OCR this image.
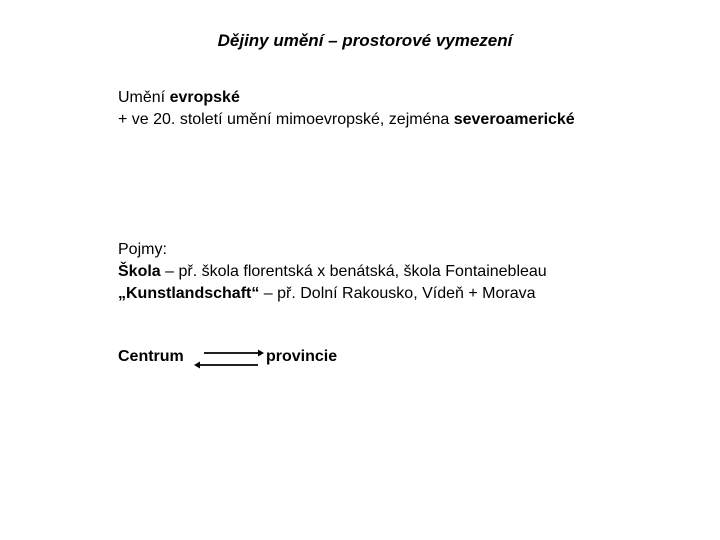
Dějiny umění – prostorové vymezení
Umění evropské
+ ve 20. století umění mimoevropské, zejména severoamerické
Pojmy:
Škola – př. škola florentská x benátská, škola Fontainebleau
„Kunstlandschaft“ – př. Dolní Rakousko, Vídeň + Morava
Centrum	provincie
